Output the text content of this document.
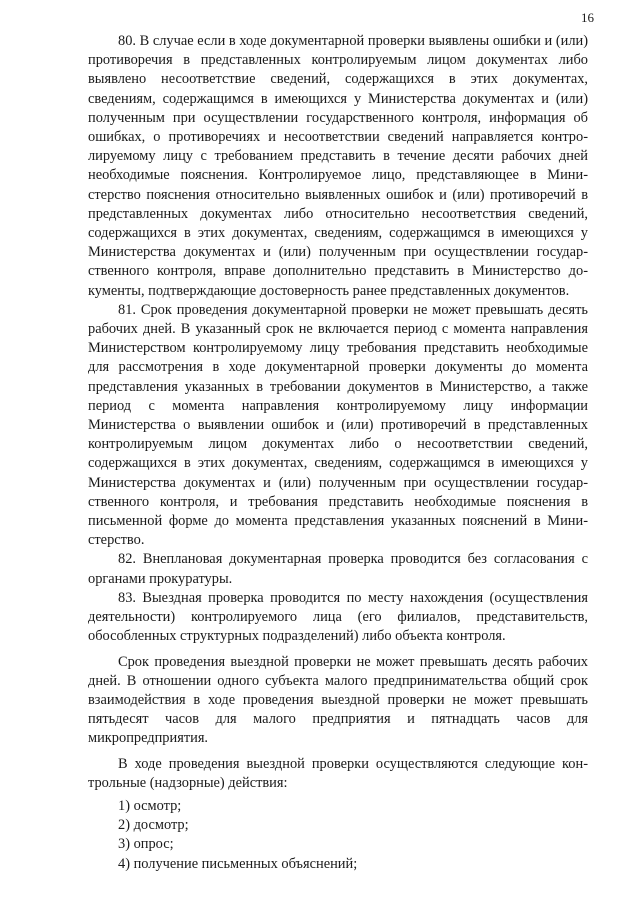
16

80. В случае если в ходе документарной проверки выявлены ошибки и (или) противоречия в представленных контролируемым лицом документах либо выявлено несоответствие сведений, содержащихся в этих документах, сведениям, содержащимся в имеющихся у Министерства документах и (или) полученным при осуществлении государственного контроля, информация об ошибках, о противоречиях и несоответствии сведений направляется контролируемому лицу с требованием представить в течение десяти рабочих дней необходимые пояснения. Контролируемое лицо, представляющее в Министерство пояснения относительно выявленных ошибок и (или) противоречий в представленных документах либо относительно несоответствия сведений, содержащихся в этих документах, сведениям, содержащимся в имеющихся у Министерства документах и (или) полученным при осуществлении государственного контроля, вправе дополнительно представить в Министерство документы, подтверждающие достоверность ранее представленных документов.

81. Срок проведения документарной проверки не может превышать десять рабочих дней. В указанный срок не включается период с момента направления Министерством контролируемому лицу требования представить необходимые для рассмотрения в ходе документарной проверки документы до момента представления указанных в требовании документов в Министерство, а также период с момента направления контролируемому лицу информации Министерства о выявлении ошибок и (или) противоречий в представленных контролируемым лицом документах либо о несоответствии сведений, содержащихся в этих документах, сведениям, содержащимся в имеющихся у Министерства документах и (или) полученным при осуществлении государственного контроля, и требования представить необходимые пояснения в письменной форме до момента представления указанных пояснений в Министерство.

82. Внеплановая документарная проверка проводится без согласования с органами прокуратуры.

83. Выездная проверка проводится по месту нахождения (осуществления деятельности) контролируемого лица (его филиалов, представительств, обособленных структурных подразделений) либо объекта контроля.

Срок проведения выездной проверки не может превышать десять рабочих дней. В отношении одного субъекта малого предпринимательства общий срок взаимодействия в ходе проведения выездной проверки не может превышать пятьдесят часов для малого предприятия и пятнадцать часов для микропредприятия.

В ходе проведения выездной проверки осуществляются следующие контрольные (надзорные) действия:

1) осмотр;
2) досмотр;
3) опрос;
4) получение письменных объяснений;
